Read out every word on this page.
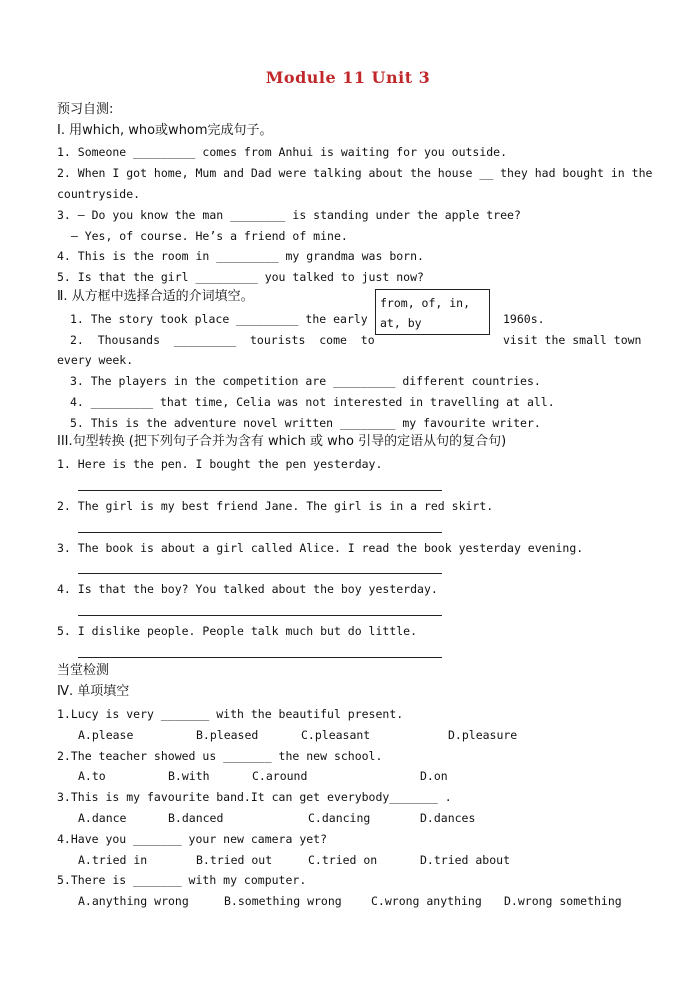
Module 11 Unit 3
预习自测:
Ⅰ. 用which, who或whom完成句子。
1. Someone _________ comes from Anhui is waiting for you outside.
2. When I got home, Mum and Dad were talking about the house __ they had bought in the
countryside.
3. — Do you know the man ________ is standing under the apple tree?
— Yes, of course. He’s a friend of mine.
4. This is the room in _________ my grandma was born.
5. Is that the girl _________ you talked to just now?
Ⅱ. 从方框中选择合适的介词填空。	from, of, in, at, by
1. The story took place _________ the early	1960s.
2.  Thousands  _________  tourists  come  to	visit the small town
every week.
3. The players in the competition are _________ different countries.
4. _________ that time, Celia was not interested in travelling at all.
5. This is the adventure novel written ________ my favourite writer.
III.句型转换 (把下列句子合并为含有 which 或 who 引导的定语从句的复合句)
1. Here is the pen. I bought the pen yesterday.
2. The girl is my best friend Jane. The girl is in a red skirt.
3. The book is about a girl called Alice. I read the book yesterday evening.
4. Is that the boy? You talked about the boy yesterday.
5. I dislike people. People talk much but do little.
当堂检测
Ⅳ. 单项填空
1.Lucy is very _______ with the beautiful present.
A.please	B.pleased	C.pleasant	D.pleasure
2.The teacher showed us _______ the new school.
A.to	B.with	C.around	D.on
3.This is my favourite band.It can get everybody_______ .
A.dance	B.danced	C.dancing	D.dances
4.Have you _______ your new camera yet?
A.tried in	B.tried out	C.tried on	D.tried about
5.There is _______ with my computer.
A.anything wrong	B.something wrong	C.wrong anything D.wrong something
